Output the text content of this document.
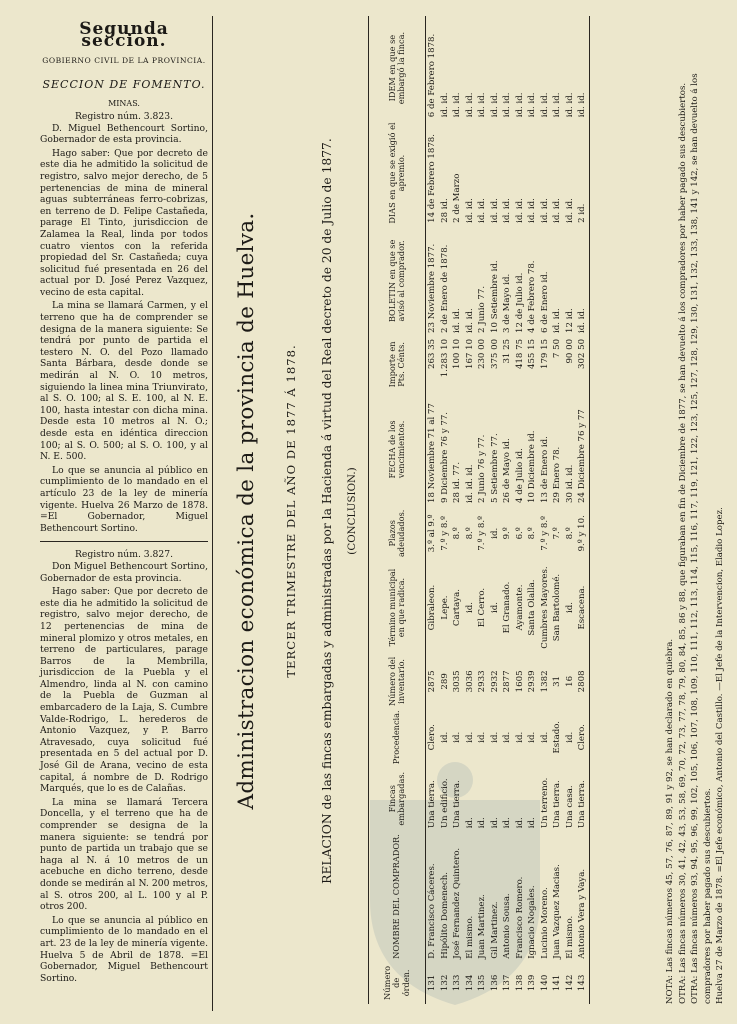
Segunda seccion.
GOBIERNO CIVIL DE LA PROVINCIA.
SECCION DE FOMENTO.
MINAS.
Registro núm. 3.823.

D. Miguel Bethencourt Sortino, Gobernador de esta provincia.

Hago saber: Que por decreto de este dia he admitido la solicitud de registro, salvo mejor derecho, de 5 pertenencias de mina de mineral aguas subterráneas ferro-cobrizas, en terreno de D. Felipe Castañeda, parage El Tinto, jurisdiccion de Zalamea la Real, linda por todos cuatro vientos con la referida propiedad del Sr. Castañeda; cuya solicitud fué presentada en 26 del actual por D. José Perez Vazquez, vecino de esta capital.

La mina se llamará Carmen, y el terreno que ha de comprender se designa de la manera siguiente: Se tendrá por punto de partida el testero N. O. del Pozo llamado Santa Bárbara, desde donde se medirán al N. O. 10 metros, siguiendo la linea mina Triunvirato, al S. O. 100; al S. E. 100, al N. E. 100, hasta intestar con dicha mina. Desde esta 10 metros al N. O.; desde esta en idéntica direccion 100; al S. O. 500; al S. O. 100, y al N. E. 500.

Lo que se anuncia al público en cumplimiento de lo mandado en el artículo 23 de la ley de minería vigente. Huelva 26 Marzo de 1878. =El Gobernador, Miguel Bethencourt Sortino.

Registro núm. 3.827.

Don Miguel Bethencourt Sortino, Gobernador de esta provincia.

Hago saber: Que por decreto de este dia he admitido la solicitud de registro, salvo mejor derecho, de 12 pertenencias de mina de mineral plomizo y otros metales, en terreno de particulares, parage Barros de la Membrilla, jurisdiccion de la Puebla y el Almendro, linda al N. con camino de la Puebla de Guzman al embarcadero de la Laja, S. Cumbre Valde-Rodrigo, L. herederos de Antonio Vazquez, y P. Barro Atravesado, cuya solicitud fué presentada en 5 del actual por D. José Gil de Arana, vecino de esta capital, á nombre de D. Rodrigo Marqués, que lo es de Calañas.

La mina se llamará Tercera Doncella, y el terreno que ha de comprender se designa de la manera siguiente: se tendrá por punto de partida un trabajo que se haga al N. á 10 metros de un acebuche en dicho terreno, desde donde se medirán al N. 200 metros, al S. otros 200, al L. 100 y al P. otros 200.

Lo que se anuncia al público en cumplimiento de lo mandado en el art. 23 de la ley de minería vigente. Huelva 5 de Abril de 1878. =El Gobernador, Miguel Bethencourt Sortino.

Administracion económica de la provincia de Huelva. TERCER TRIMESTRE DEL AÑO DE 1877 Á 1878. RELACION de las fincas embargadas y administradas por la Hacienda á virtud del Real decreto de 20 de Julio de 1877. (CONCLUSION.)
Número de órden.	NOMBRE DEL COMPRADOR.	Fincas embargadas.	Procedencia.	Número del inventario.	Término municipal en que radica.	Plazos adeudados.	FECHA de los vencimientos.	Importe en Pts. Cénts.	BOLETIN en que se avisó al comprador.	DIAS en que se exigió el apremio.	IDEM en que se embargó la finca.
131	D. Francisco Cáceres.	Una tierra.	Clero.	2875	Gibraleon.	3.º al 9.º	18 Noviembre 71 al 77	263 35	23 Noviembre 1877.	14 de Febrero 1878.	6 de Febrero 1878.
132	Hipólito Domenech.	Un edificio.	id.	289	Lepe.	7.º y 8.º	9 Diciembre 76 y 77.	1.283 10	2 de Enero de 1878.	28 id.	id. id.
133	José Fernandez Quintero.	Una tierra.	id.	3035	Cartaya.	8.º	28 id. 77.	100 10	id. id.	2 de Marzo	id. id.
134	El mismo.	id.	id.	3036	id.	8.º	id. id. id.	167 10	id. id.	id. id.	id. id.
135	Juan Martinez.	id.	id.	2933	El Cerro.	7.º y 8.º	2 Junio 76 y 77.	230 00	2 Junio 77.	id. id.	id. id.
136	Gil Martinez.	id.	id.	2932	id.	id.	5 Setiembre 77.	375 00	10 Setiembre id.	id. id.	id. id.
137	Antonio Sousa.	id.	id.	2877	El Granado.	9.º	26 de Mayo id.	31 25	3 de Mayo id.	id. id.	id. id.
138	Francisco Romero.	id.	id.	1605	Ayamonte.	6.º	4 de Julio id.	418 75	12 de Julio id.	id. id.	id. id.
139	Ignacio Nogales.	id.	id.	2939	Santa Olalla.	8.º	10 Diciembre id.	455 15	4 de Febrero 78.	id. id.	id. id.
140	Lucinio Moreno.	Un terreno.	id.	1382	Cumbres Mayores.	7.º y 8.º	13 de Enero id.	179 15	6 de Enero id.	id. id.	id. id.
141	Juan Vazquez Macias.	Una tierra.	Estado.	31	San Bartolomé.	7.º	29 Enero 78.	7 50	id. id.	id. id.	id. id.
142	El mismo.	Una casa.	id.	16	id.	8.º	30 id. id.	90 00	12 id.	id. id.	id. id.
143	Antonio Vera y Vaya.	Una tierra.	Clero.	2808	Escacena.	9.º y 10.	24 Diciembre 76 y 77	302 50	id. id.	2 id.	id. id.

NOTA: Las fincas números 45, 57, 76, 87, 89, 91 y 92, se han declarado en quiebra. OTRA: Las fincas números 30, 41, 42, 43, 53, 58, 69, 70, 72, 73, 77, 78, 79, 80, 84, 85, 86 y 88, que figuraban en fin de Diciembre de 1877, se han devuelto á los compradores por haber pagado sus descubiertos. OTRA: Las fincas números 93, 94, 95, 96, 99, 102, 105, 106, 107, 108, 109, 110, 111, 112, 113, 114, 115, 116, 117, 119, 121, 122, 123, 125, 127, 128, 129, 130, 131, 132, 133, 138, 141 y 142, se han devuelto á los compradores por haber pagado sus descubiertos. Huelva 27 de Marzo de 1878. =El Jefe económico, Antonio del Castillo. —El Jefe de la Intervencion, Eladio Lopez.
